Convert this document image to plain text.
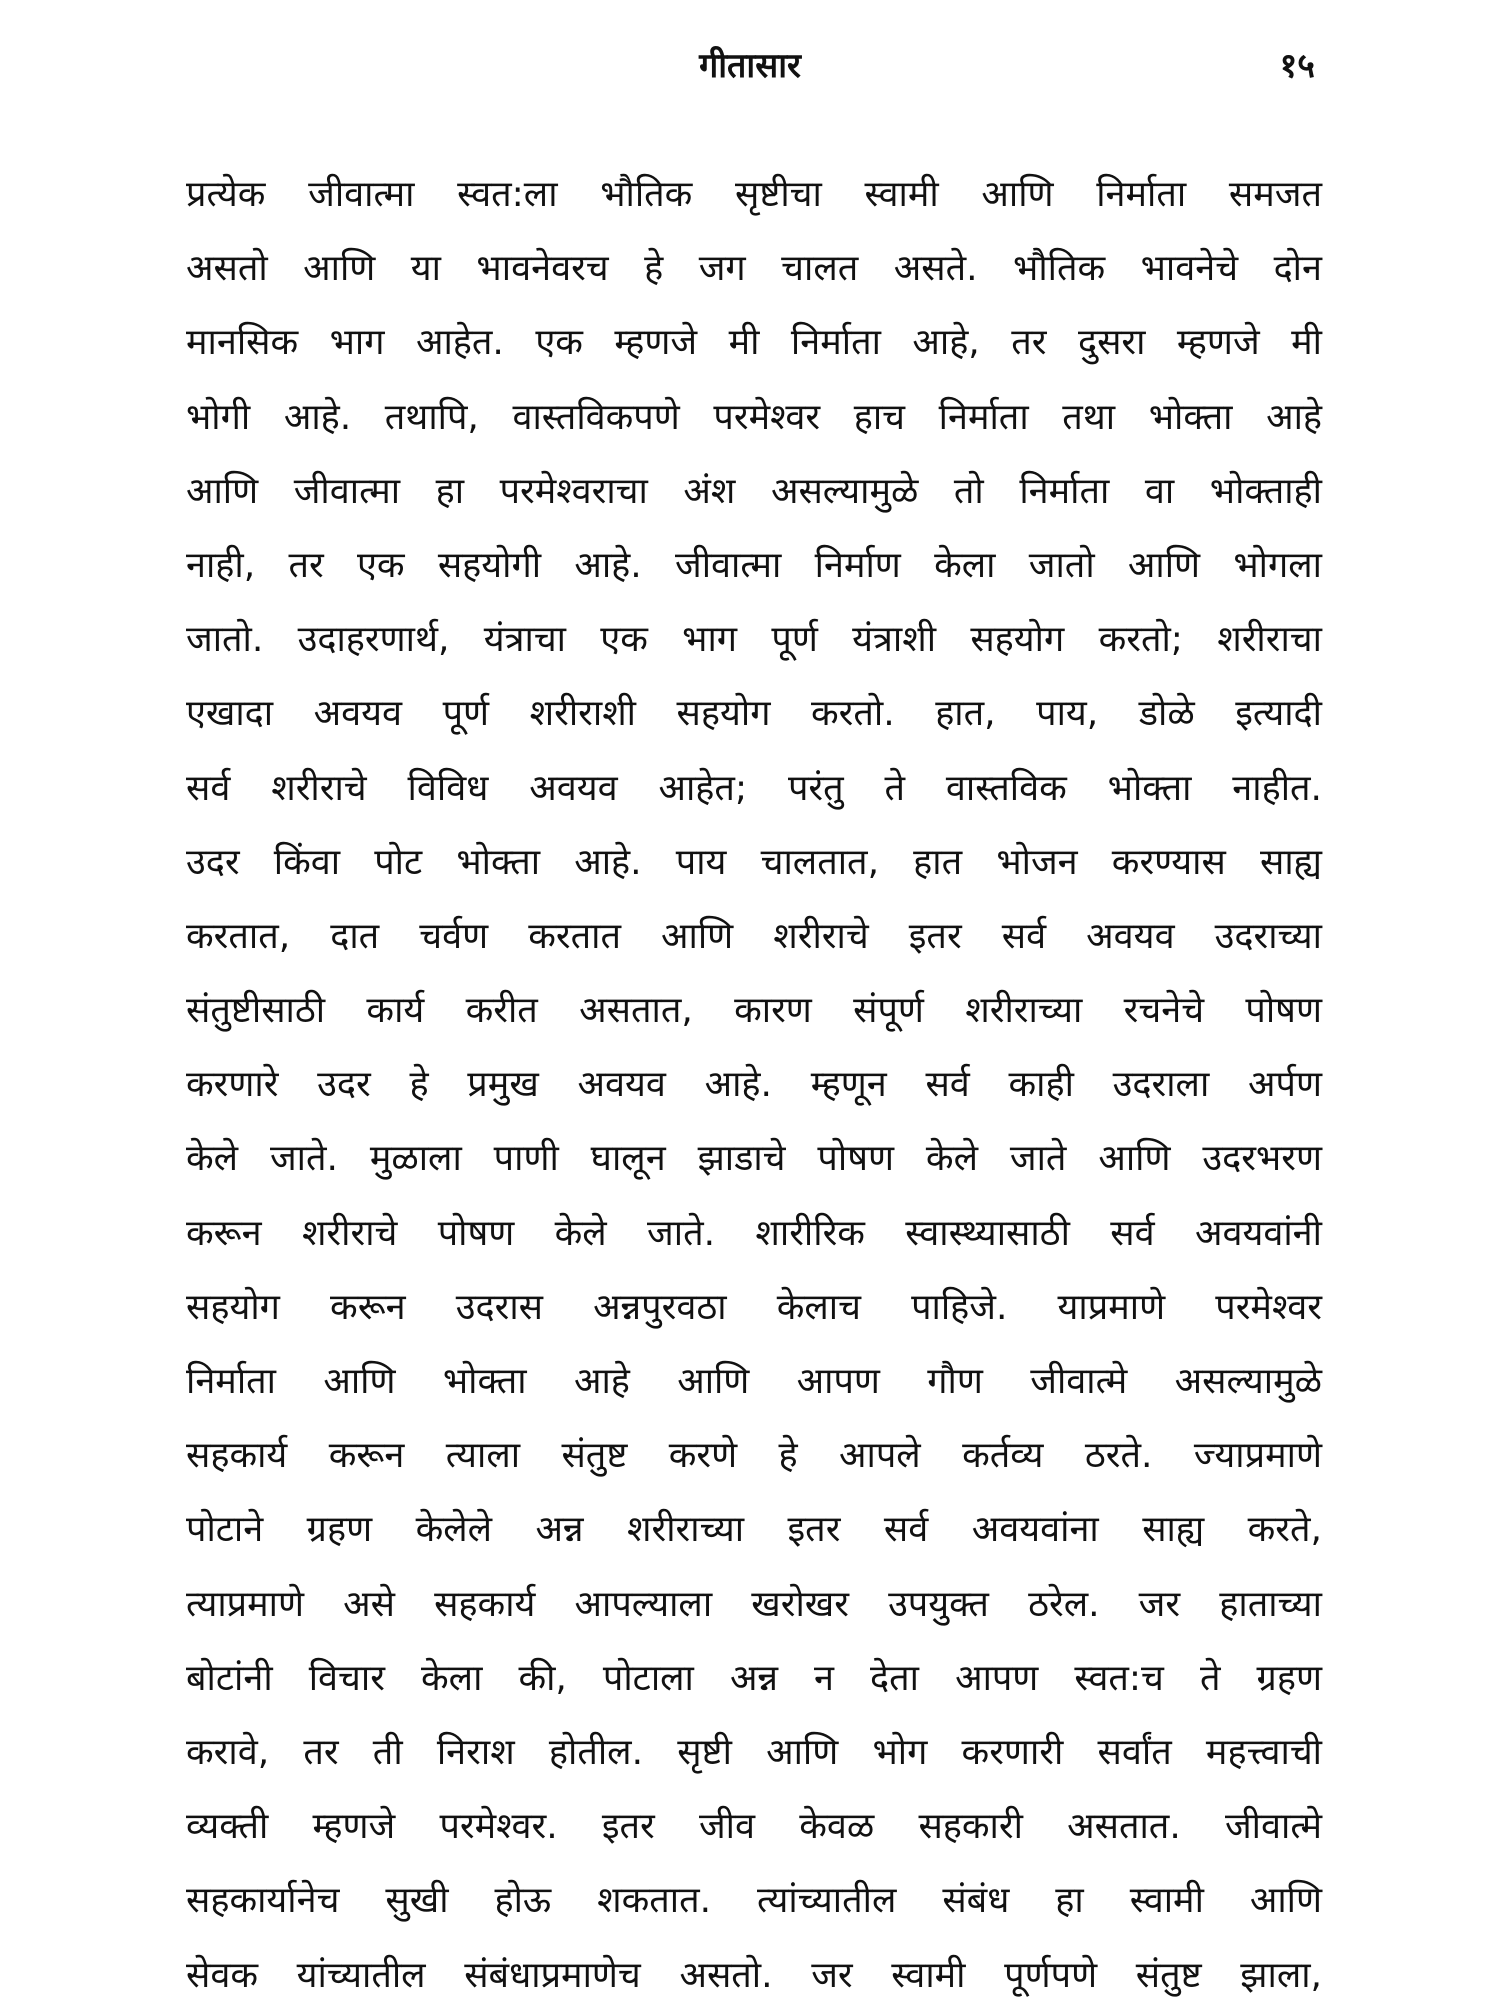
गीतासार	१५
प्रत्येक जीवात्मा स्वत:ला भौतिक सृष्टीचा स्वामी आणि निर्माता समजत
असतो आणि या भावनेवरच हे जग चालत असते. भौतिक भावनेचे दोन
मानसिक भाग आहेत. एक म्हणजे मी निर्माता आहे, तर दुसरा म्हणजे मी
भोगी आहे. तथापि, वास्तविकपणे परमेश्वर हाच निर्माता तथा भोक्ता आहे
आणि जीवात्मा हा परमेश्वराचा अंश असल्यामुळे तो निर्माता वा भोक्ताही
नाही, तर एक सहयोगी आहे. जीवात्मा निर्माण केला जातो आणि भोगला
जातो. उदाहरणार्थ, यंत्राचा एक भाग पूर्ण यंत्राशी सहयोग करतो; शरीराचा
एखादा अवयव पूर्ण शरीराशी सहयोग करतो. हात, पाय, डोळे इत्यादी
सर्व शरीराचे विविध अवयव आहेत; परंतु ते वास्तविक भोक्ता नाहीत.
उदर किंवा पोट भोक्ता आहे. पाय चालतात, हात भोजन करण्यास साह्य
करतात, दात चर्वण करतात आणि शरीराचे इतर सर्व अवयव उदराच्या
संतुष्टीसाठी कार्य करीत असतात, कारण संपूर्ण शरीराच्या रचनेचे पोषण
करणारे उदर हे प्रमुख अवयव आहे. म्हणून सर्व काही उदराला अर्पण
केले जाते. मुळाला पाणी घालून झाडाचे पोषण केले जाते आणि उदरभरण
करून शरीराचे पोषण केले जाते. शारीरिक स्वास्थ्यासाठी सर्व अवयवांनी
सहयोग करून उदरास अन्नपुरवठा केलाच पाहिजे. याप्रमाणे परमेश्वर
निर्माता आणि भोक्ता आहे आणि आपण गौण जीवात्मे असल्यामुळे
सहकार्य करून त्याला संतुष्ट करणे हे आपले कर्तव्य ठरते. ज्याप्रमाणे
पोटाने ग्रहण केलेले अन्न शरीराच्या इतर सर्व अवयवांना साह्य करते,
त्याप्रमाणे असे सहकार्य आपल्याला खरोखर उपयुक्त ठरेल. जर हाताच्या
बोटांनी विचार केला की, पोटाला अन्न न देता आपण स्वत:च ते ग्रहण
करावे, तर ती निराश होतील. सृष्टी आणि भोग करणारी सर्वांत महत्त्वाची
व्यक्ती म्हणजे परमेश्वर. इतर जीव केवळ सहकारी असतात. जीवात्मे
सहकार्यानेच सुखी होऊ शकतात. त्यांच्यातील संबंध हा स्वामी आणि
सेवक यांच्यातील संबंधाप्रमाणेच असतो. जर स्वामी पूर्णपणे संतुष्ट झाला,
